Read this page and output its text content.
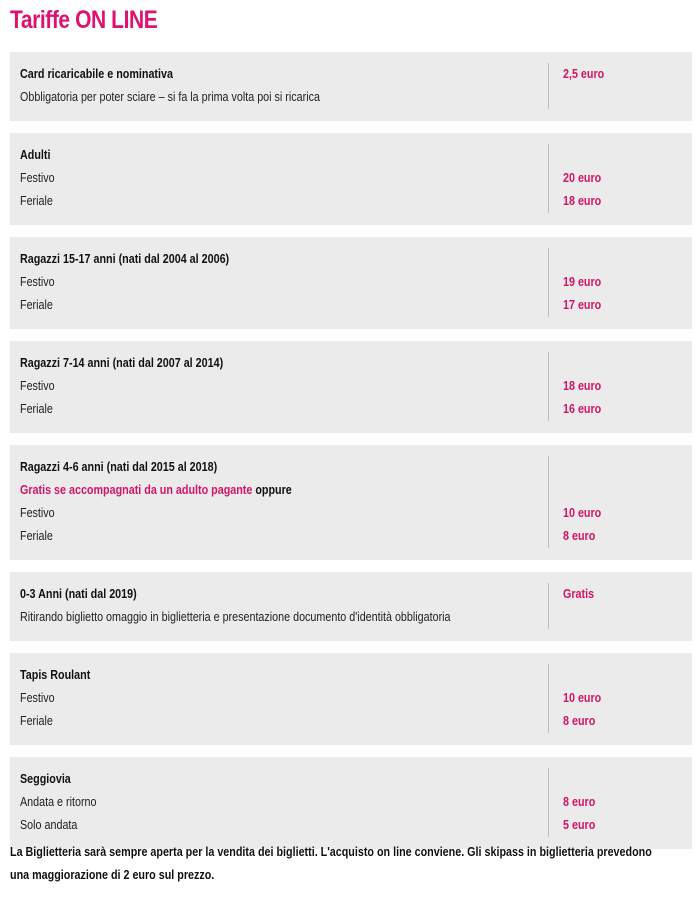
Tariffe ON LINE
Card ricaricabile e nominativa
Obbligatoria per poter sciare – si fa la prima volta poi si ricarica
2,5 euro
Adulti
Festivo
Feriale
20 euro
18 euro
Ragazzi 15-17 anni (nati dal 2004 al 2006)
Festivo
Feriale
19 euro
17 euro
Ragazzi 7-14 anni (nati dal 2007 al 2014)
Festivo
Feriale
18 euro
16 euro
Ragazzi 4-6 anni (nati dal 2015 al 2018)
Gratis se accompagnati da un adulto pagante oppure
Festivo
Feriale
10 euro
8 euro
0-3 Anni (nati dal 2019)
Ritirando biglietto omaggio in biglietteria e presentazione documento d'identità obbligatoria
Gratis
Tapis Roulant
Festivo
Feriale
10 euro
8 euro
Seggiovia
Andata e ritorno
Solo andata
8 euro
5 euro

La Biglietteria sarà sempre aperta per la vendita dei biglietti. L'acquisto on line conviene. Gli skipass in biglietteria prevedono
una maggiorazione di 2 euro sul prezzo.
